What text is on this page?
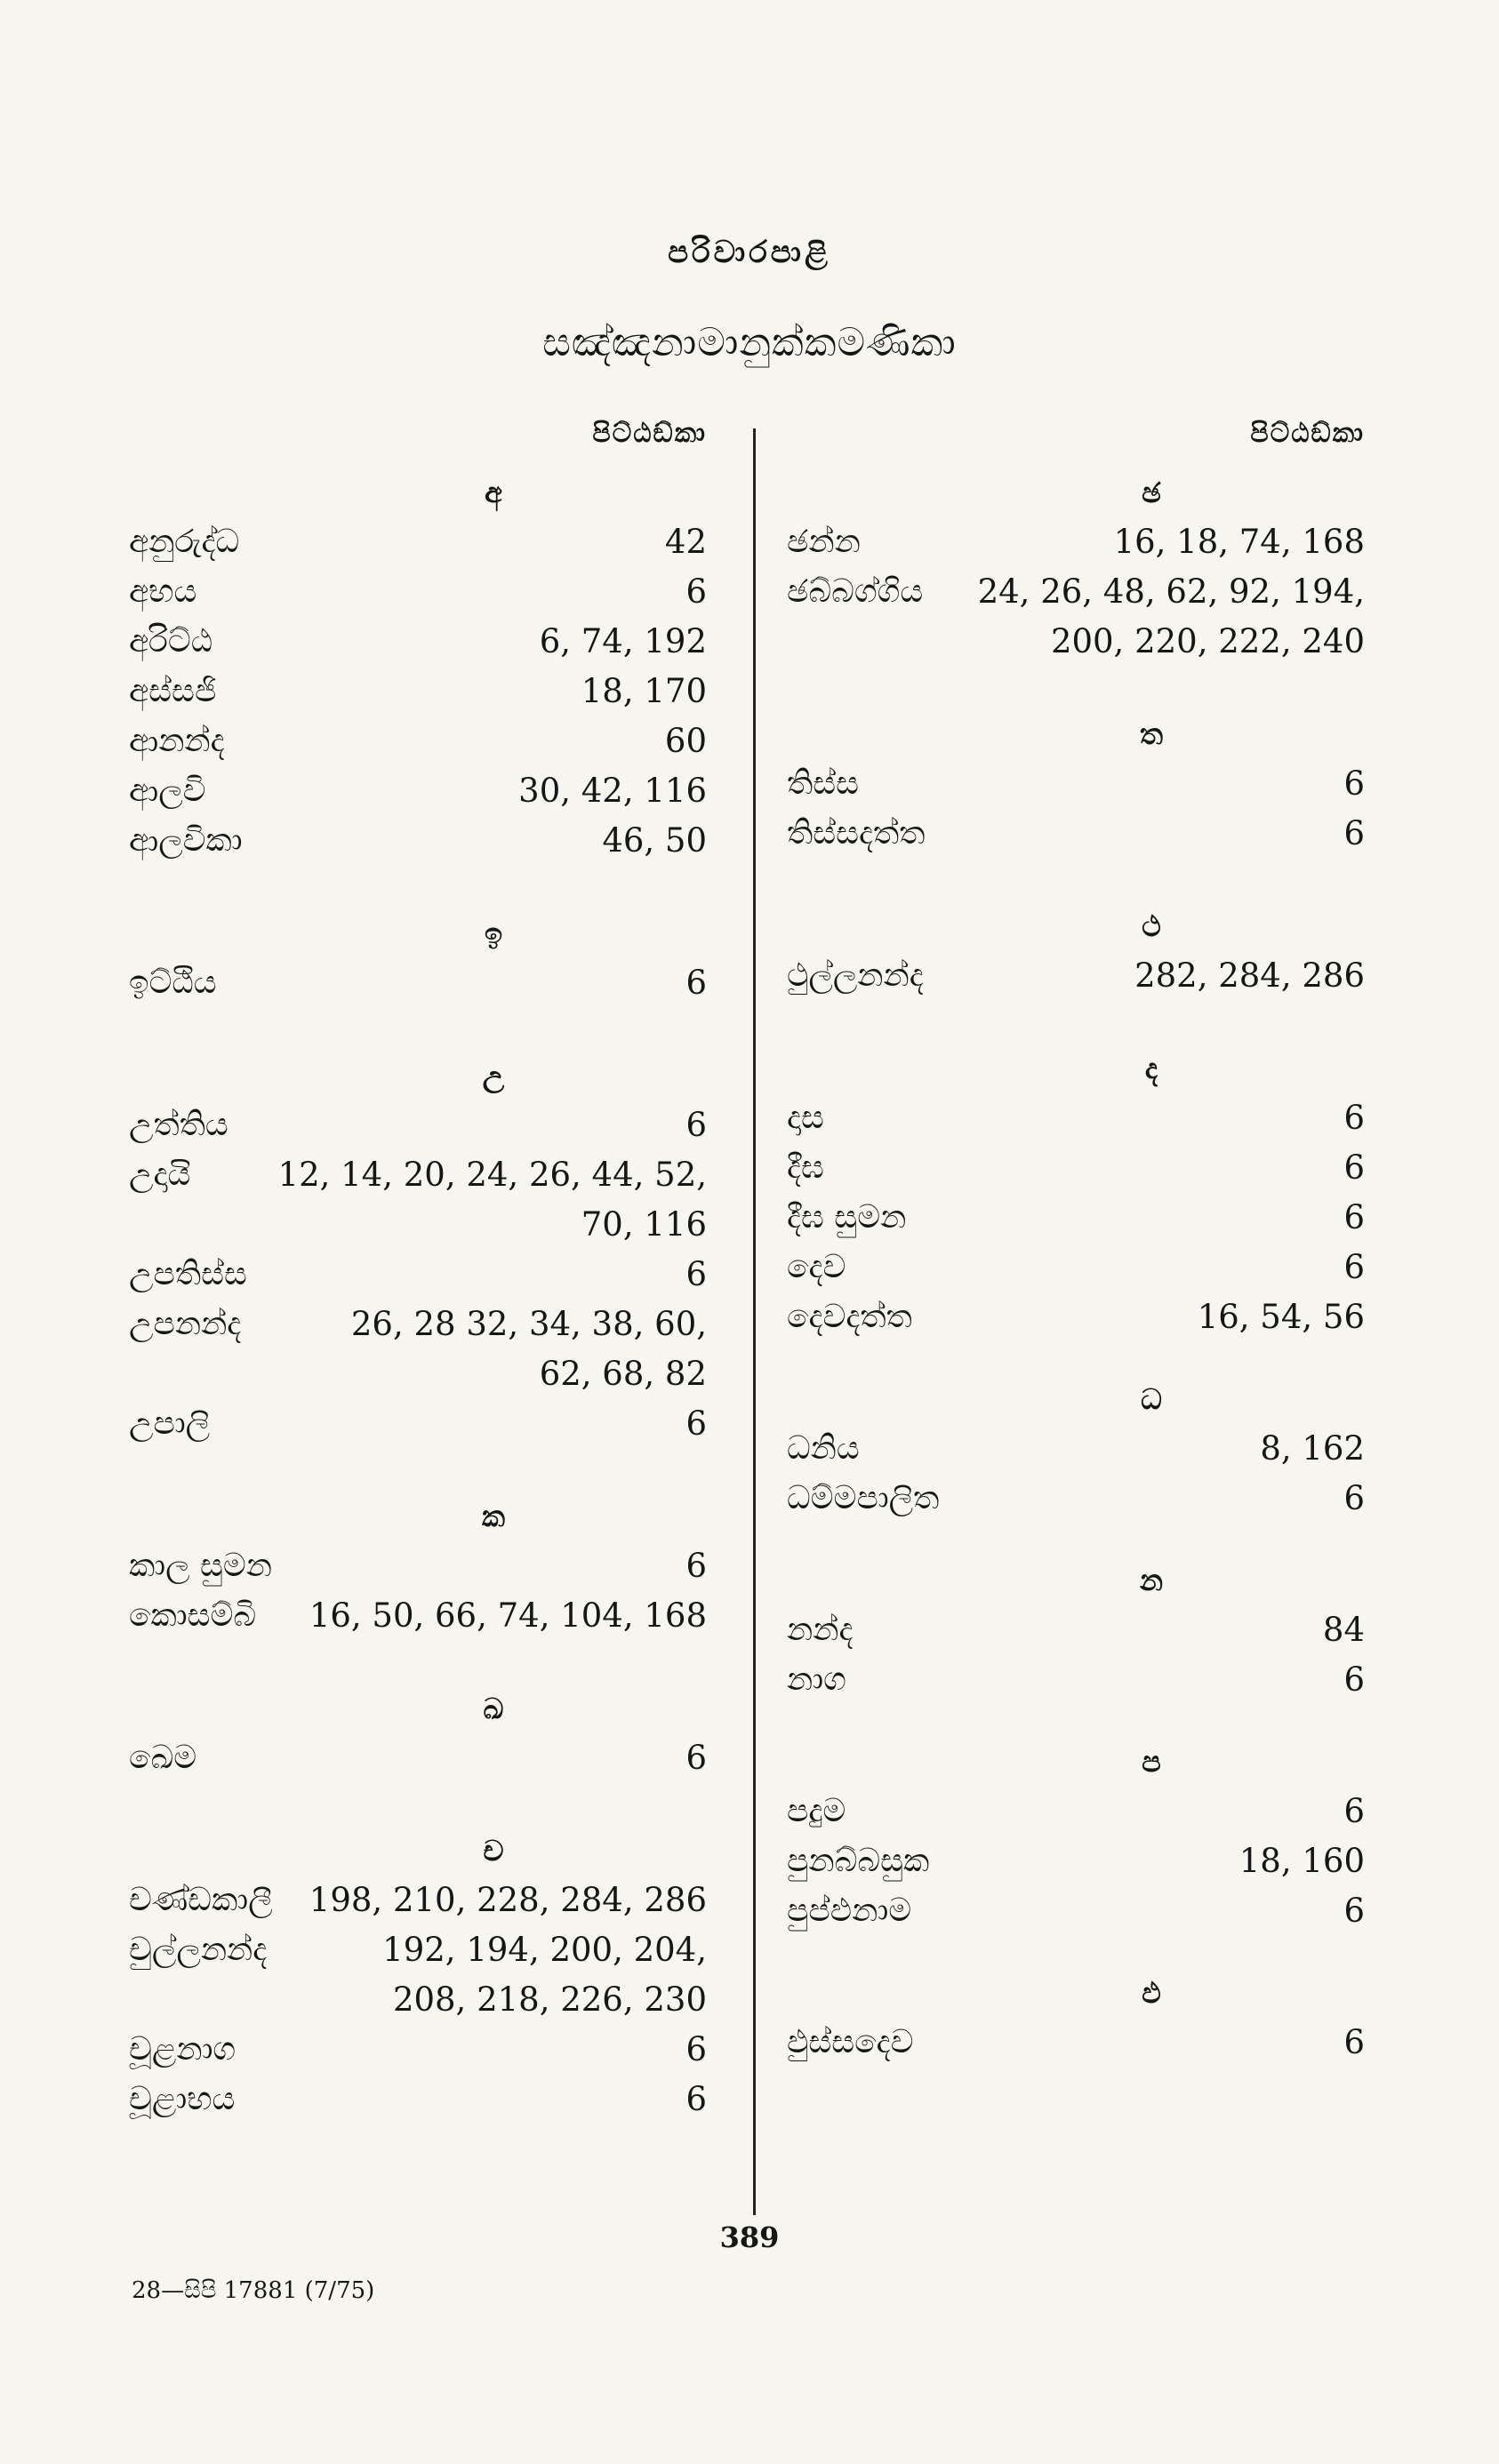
පරිවාරපාළි
සඤ්ඤනාමානුක්කමණිකා
පිට්ඨඞ්කා
අ
අනුරුද්ධ	42
අභය	6
අරිට්ඨ	6, 74, 192
අස්සජි	18, 170
ආනන්ද	60
ආලවි	30, 42, 116
ආලවිකා	46, 50
ඉ
ඉට්ඨිය	6
උ
උත්තිය	6
උදායි	12, 14, 20, 24, 26, 44, 52,
70, 116
උපතිස්ස	6
උපනන්ද	26, 28 32, 34, 38, 60,
62, 68, 82
උපාලි	6
ක
කාල සුමන	6
කොසම්බි 16, 50, 66, 74, 104, 168
ඛ
ඛෙම	6
ච
චණ්ඩකාලී 198, 210, 228, 284, 286
චුල්ලනන්ද	192, 194, 200, 204,
208, 218, 226, 230
චූළනාග	6
චූළාභය	6
පිට්ඨඞ්කා
ඡ
ඡන්න	16, 18, 74, 168
ඡබ්බග්ගිය 24, 26, 48, 62, 92, 194,
200, 220, 222, 240
ත
තිස්ස	6
තිස්සදත්ත	6
ථ
ථුල්ලනන්ද	282, 284, 286
ද
දාස	6
දීඝ	6
දීඝ සුමන	6
දෙව	6
දෙවදත්ත	16, 54, 56
ධ
ධනිය	8, 162
ධම්මපාලිත	6
න
නන්ද	84
නාග	6
ප
පදුම	6
පුනබ්බසුක	18, 160
පුප්ඵනාම	6
ඵ
ඵුස්සදෙව	6
389
28—සිපි 17881 (7/75)
